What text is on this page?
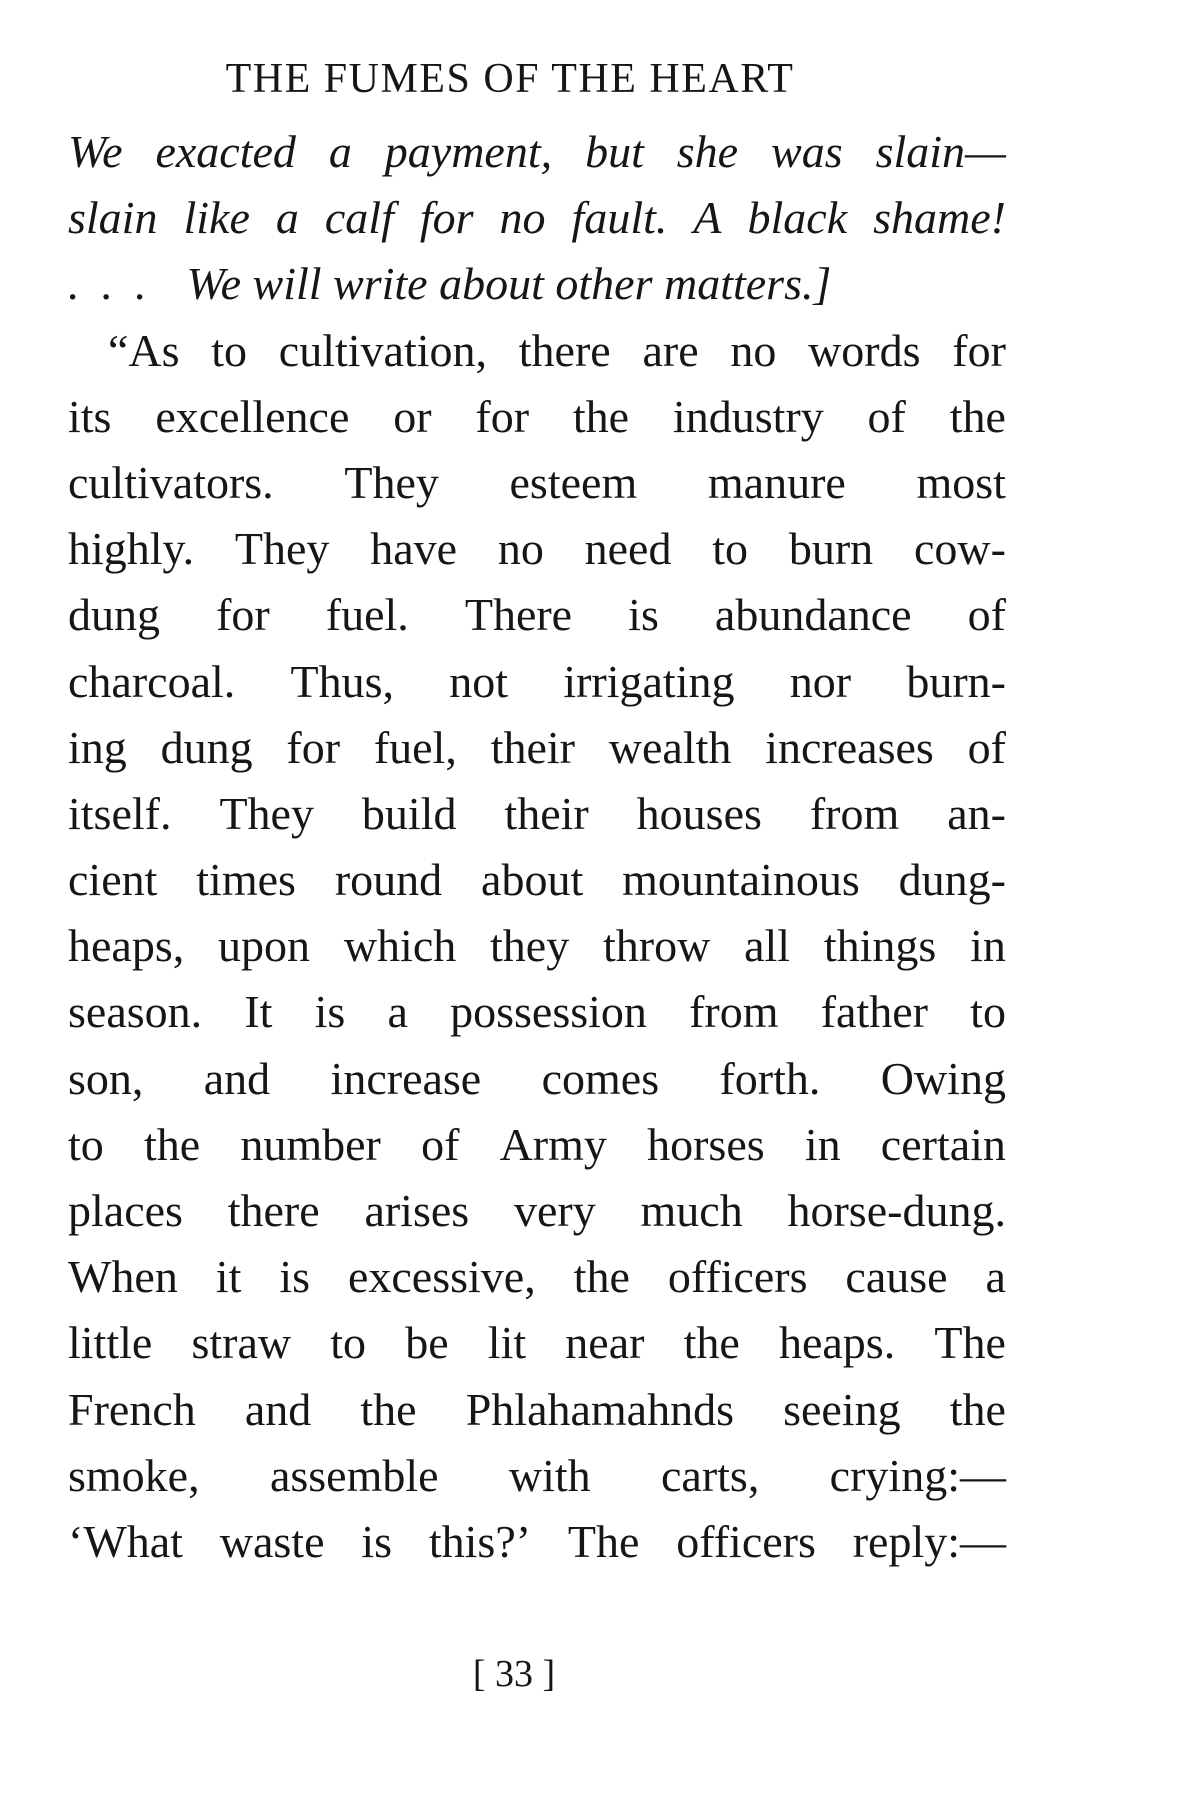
THE FUMES OF THE HEART
We exacted a payment, but she was slain—
slain like a calf for no fault. A black shame!
... We will write about other matters.]
“As to cultivation, there are no words for
its excellence or for the industry of the
cultivators. They esteem manure most
highly. They have no need to burn cow-
dung for fuel. There is abundance of
charcoal. Thus, not irrigating nor burn-
ing dung for fuel, their wealth increases of
itself. They build their houses from an-
cient times round about mountainous dung-
heaps, upon which they throw all things in
season. It is a possession from father to
son, and increase comes forth. Owing
to the number of Army horses in certain
places there arises very much horse-dung.
When it is excessive, the officers cause a
little straw to be lit near the heaps. The
French and the Phlahamahnds seeing the
smoke, assemble with carts, crying:—
‘What waste is this?’ The officers reply:—
[ 33 ]
